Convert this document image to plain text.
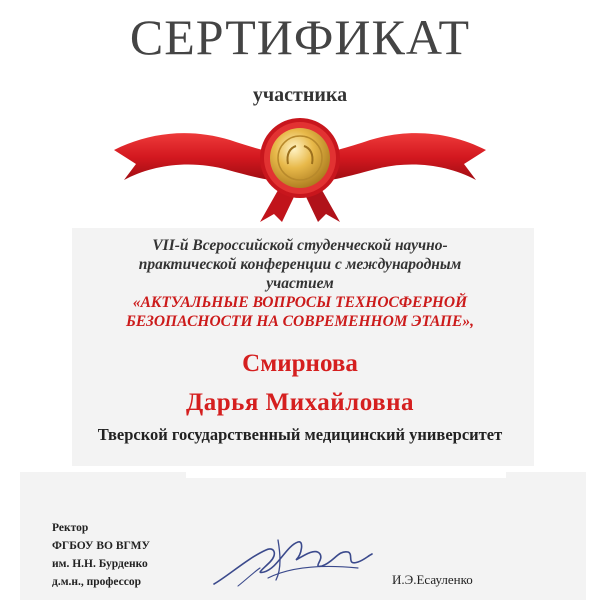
СЕРТИФИКАТ
участника
VII-й Всероссийской студенческой научно-
практической конференции с международным
участием
«АКТУАЛЬНЫЕ ВОПРОСЫ ТЕХНОСФЕРНОЙ
БЕЗОПАСНОСТИ НА СОВРЕМЕННОМ ЭТАПЕ»,
Смирнова
Дарья Михайловна
Тверской государственный медицинский университет
Ректор
ФГБОУ ВО ВГМУ
им. Н.Н. Бурденко
д.м.н., профессор	И.Э.Есауленко
